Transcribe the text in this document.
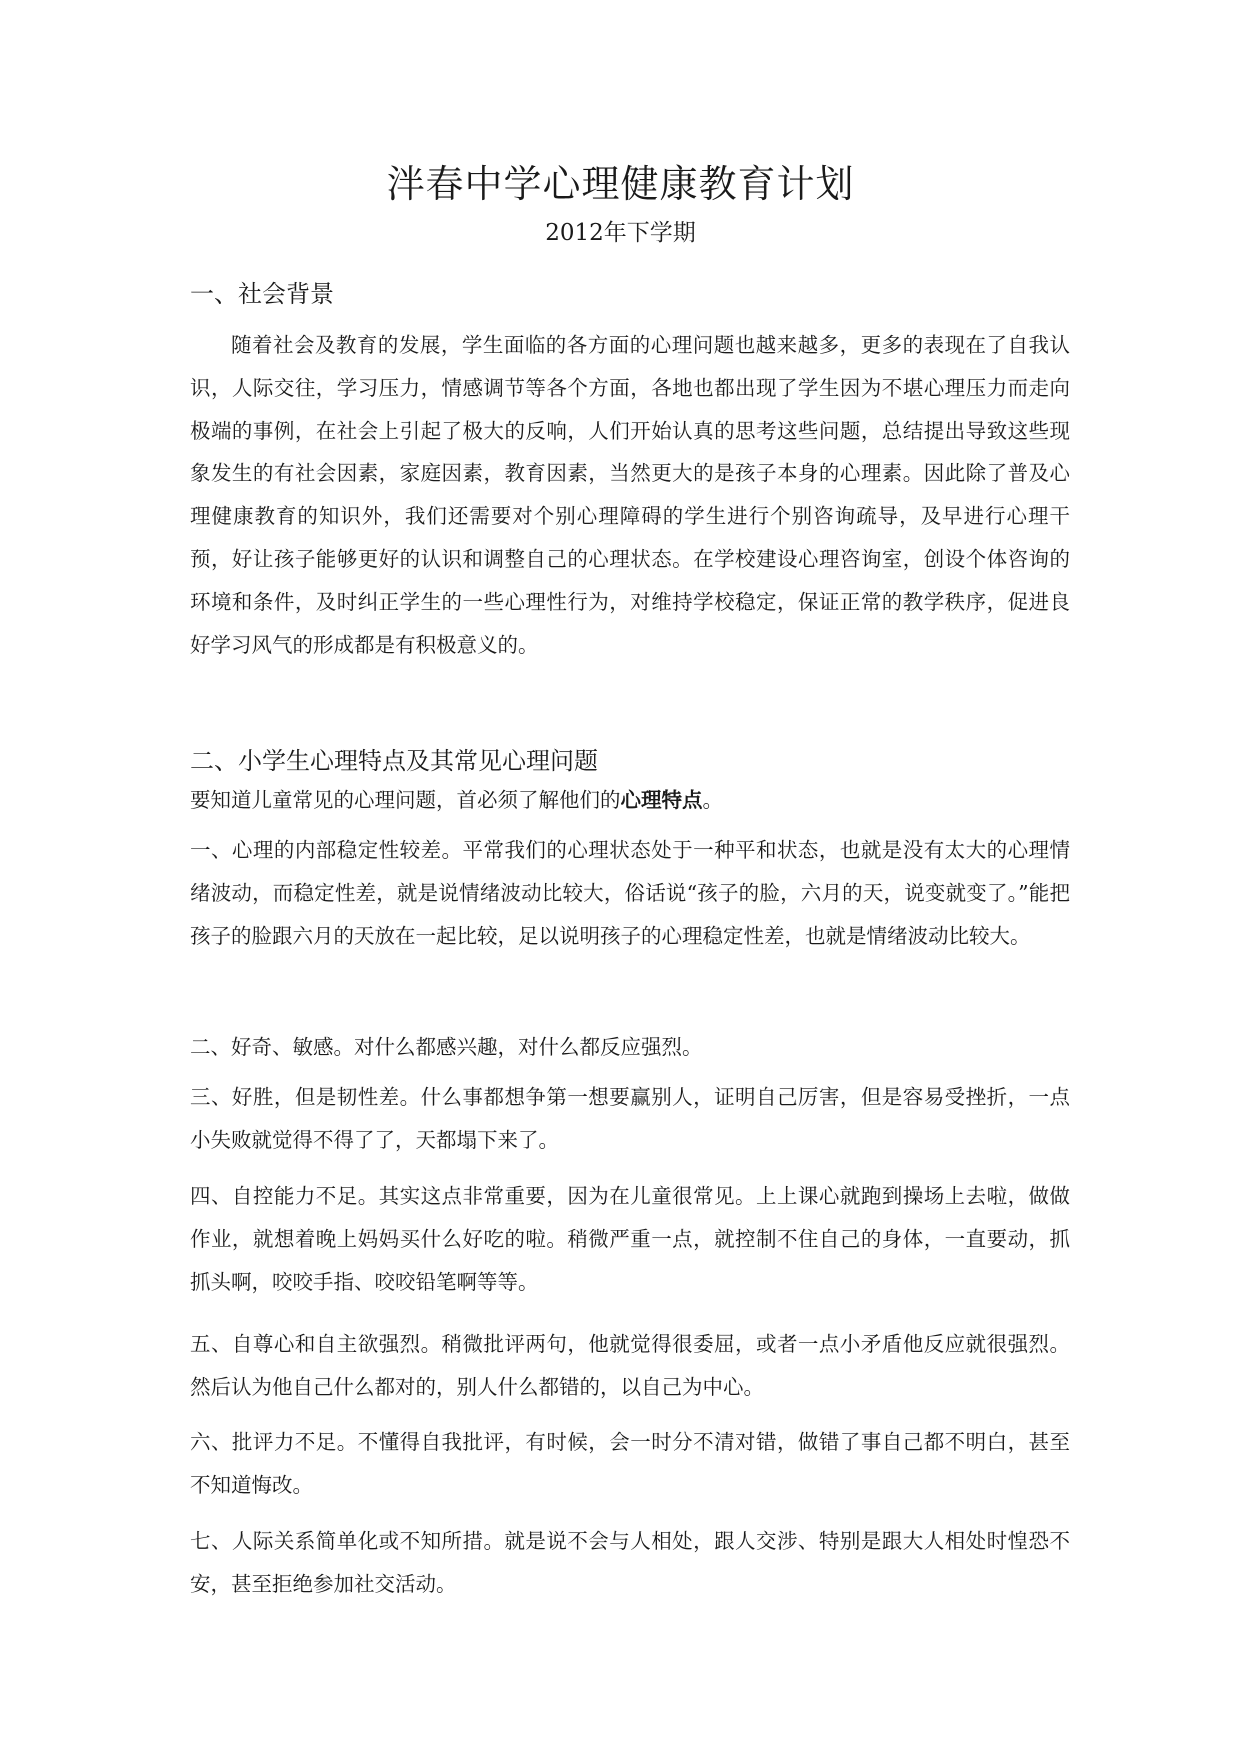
泮春中学心理健康教育计划
2012年下学期
一、社会背景

随着社会及教育的发展，学生面临的各方面的心理问题也越来越多，更多的表现在了自我认识，人际交往，学习压力，情感调节等各个方面，各地也都出现了学生因为不堪心理压力而走向极端的事例，在社会上引起了极大的反响，人们开始认真的思考这些问题，总结提出导致这些现象发生的有社会因素，家庭因素，教育因素，当然更大的是孩子本身的心理素。因此除了普及心理健康教育的知识外，我们还需要对个别心理障碍的学生进行个别咨询疏导，及早进行心理干预，好让孩子能够更好的认识和调整自己的心理状态。在学校建设心理咨询室，创设个体咨询的环境和条件，及时纠正学生的一些心理性行为，对维持学校稳定，保证正常的教学秩序，促进良好学习风气的形成都是有积极意义的。

二、小学生心理特点及其常见心理问题

要知道儿童常见的心理问题，首必须了解他们的心理特点。

一、心理的内部稳定性较差。平常我们的心理状态处于一种平和状态，也就是没有太大的心理情绪波动，而稳定性差，就是说情绪波动比较大，俗话说“孩子的脸，六月的天，说变就变了。”能把孩子的脸跟六月的天放在一起比较，足以说明孩子的心理稳定性差，也就是情绪波动比较大。

二、好奇、敏感。对什么都感兴趣，对什么都反应强烈。

三、好胜，但是韧性差。什么事都想争第一想要赢别人，证明自己厉害，但是容易受挫折，一点小失败就觉得不得了了，天都塌下来了。

四、自控能力不足。其实这点非常重要，因为在儿童很常见。上上课心就跑到操场上去啦，做做作业，就想着晚上妈妈买什么好吃的啦。稍微严重一点，就控制不住自己的身体，一直要动，抓抓头啊，咬咬手指、咬咬铅笔啊等等。

五、自尊心和自主欲强烈。稍微批评两句，他就觉得很委屈，或者一点小矛盾他反应就很强烈。然后认为他自己什么都对的，别人什么都错的，以自己为中心。

六、批评力不足。不懂得自我批评，有时候，会一时分不清对错，做错了事自己都不明白，甚至不知道悔改。

七、人际关系简单化或不知所措。就是说不会与人相处，跟人交涉、特别是跟大人相处时惶恐不安，甚至拒绝参加社交活动。
